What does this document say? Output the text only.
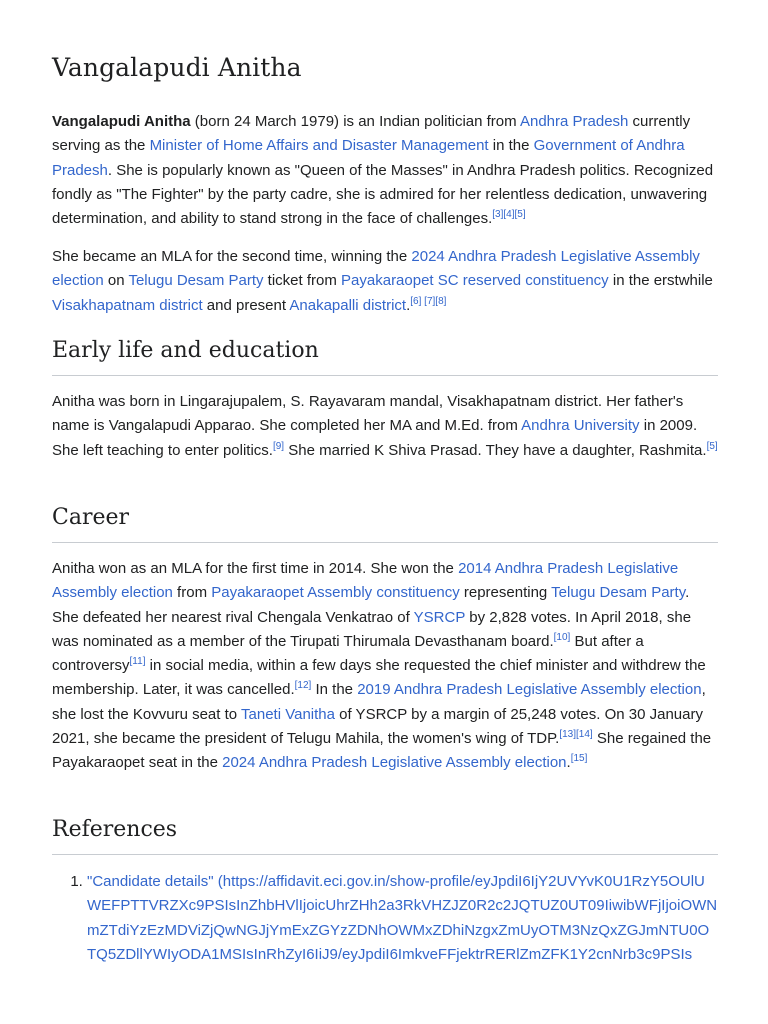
Vangalapudi Anitha

Vangalapudi Anitha (born 24 March 1979) is an Indian politician from Andhra Pradesh currently serving as the Minister of Home Affairs and Disaster Management in the Government of Andhra Pradesh. She is popularly known as "Queen of the Masses" in Andhra Pradesh politics. Recognized fondly as "The Fighter" by the party cadre, she is admired for her relentless dedication, unwavering determination, and ability to stand strong in the face of challenges.[3][4][5]

She became an MLA for the second time, winning the 2024 Andhra Pradesh Legislative Assembly election on Telugu Desam Party ticket from Payakaraopet SC reserved constituency in the erstwhile Visakhapatnam district and present Anakapalli district.[6] [7][8]

Early life and education

Anitha was born in Lingarajupalem, S. Rayavaram mandal, Visakhapatnam district. Her father's name is Vangalapudi Apparao. She completed her MA and M.Ed. from Andhra University in 2009. She left teaching to enter politics.[9] She married K Shiva Prasad. They have a daughter, Rashmita.[5]

Career

Anitha won as an MLA for the first time in 2014. She won the 2014 Andhra Pradesh Legislative Assembly election from Payakaraopet Assembly constituency representing Telugu Desam Party. She defeated her nearest rival Chengala Venkatrao of YSRCP by 2,828 votes. In April 2018, she was nominated as a member of the Tirupati Thirumala Devasthanam board.[10] But after a controversy[11] in social media, within a few days she requested the chief minister and withdrew the membership. Later, it was cancelled.[12] In the 2019 Andhra Pradesh Legislative Assembly election, she lost the Kovvuru seat to Taneti Vanitha of YSRCP by a margin of 25,248 votes. On 30 January 2021, she became the president of Telugu Mahila, the women's wing of TDP.[13][14] She regained the Payakaraopet seat in the 2024 Andhra Pradesh Legislative Assembly election.[15]

References
1. "Candidate details" (https://affidavit.eci.gov.in/show-profile/eyJpdiI6IjY2UVYvK0U1RzY5OUlUWEFPTTVRZXc9PSIsInZhbHVlIjoicUhrZHh2a3RkVHZJZ0R2c2JQTUZ0UT09IiwibWFjIjoiOWNmZTdiYzEzMDViZjQwNGJjYmExZGYzZDNhOWMxZDhiNzgxZmUyOTM3NzQxZGJmNTU0OTQ5ZDllYWIyODA1MSIsInRhZyI6IiJ9/eyJpdiI6ImkveFFjektrRERlZmZFK1Y2cnNrb3c9PSIs
